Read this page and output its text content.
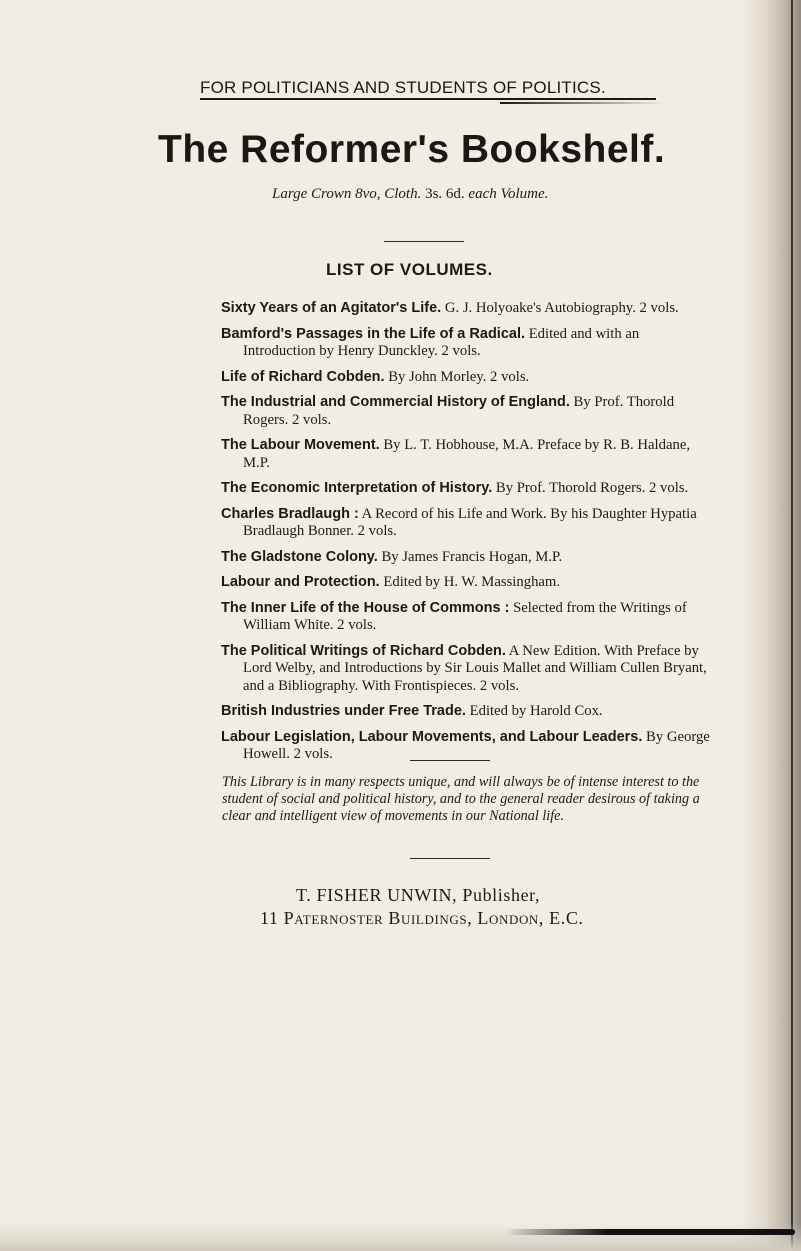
FOR POLITICIANS AND STUDENTS OF POLITICS.
The Reformer's Bookshelf.
Large Crown 8vo, Cloth. 3s. 6d. each Volume.
LIST OF VOLUMES.

Sixty Years of an Agitator's Life. G. J. Holyoake's Autobiography. 2 vols.

Bamford's Passages in the Life of a Radical. Edited and with an Introduction by Henry Dunckley. 2 vols.

Life of Richard Cobden. By John Morley. 2 vols.

The Industrial and Commercial History of England. By Prof. Thorold Rogers. 2 vols.

The Labour Movement. By L. T. Hobhouse, M.A. Preface by R. B. Haldane, M.P.

The Economic Interpretation of History. By Prof. Thorold Rogers. 2 vols.

Charles Bradlaugh : A Record of his Life and Work. By his Daughter Hypatia Bradlaugh Bonner. 2 vols.

The Gladstone Colony. By James Francis Hogan, M.P.

Labour and Protection. Edited by H. W. Massingham.

The Inner Life of the House of Commons : Selected from the Writings of William White. 2 vols.

The Political Writings of Richard Cobden. A New Edition. With Preface by Lord Welby, and Introductions by Sir Louis Mallet and William Cullen Bryant, and a Bibliography. With Frontispieces. 2 vols.

British Industries under Free Trade. Edited by Harold Cox.

Labour Legislation, Labour Movements, and Labour Leaders. By George Howell. 2 vols.

This Library is in many respects unique, and will always be of intense interest to the student of social and political history, and to the general reader desirous of taking a clear and intelligent view of movements in our National life.
T. FISHER UNWIN, Publisher,
11 Paternoster Buildings, London, E.C.
